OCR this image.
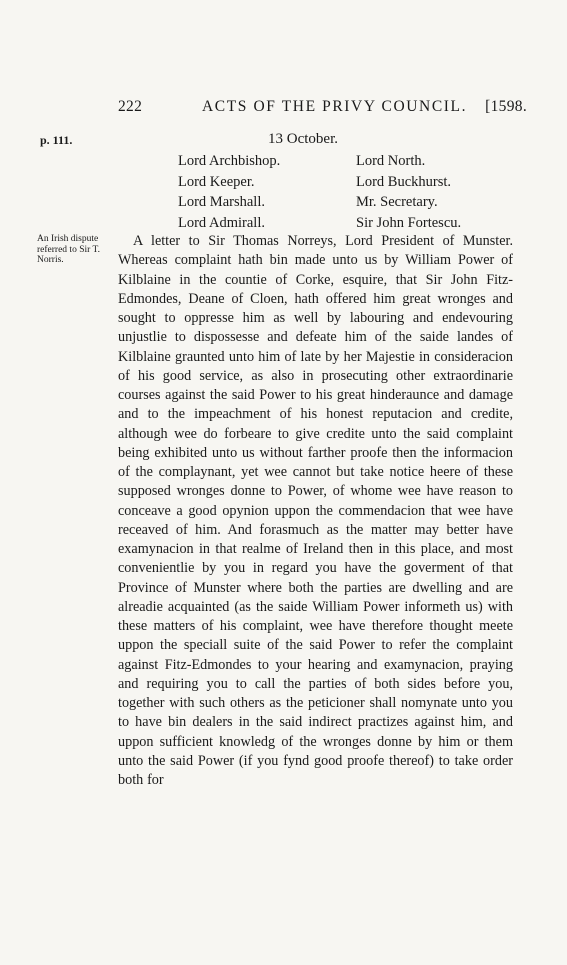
222	ACTS OF THE PRIVY COUNCIL. [1598.
p. 111.	13 October.
Lord Archbishop.	Lord North.
Lord Keeper.	Lord Buckhurst.
Lord Marshall.	Mr. Secretary.
Lord Admirall.	Sir John Fortescu.
An Irish dispute referred to Sir T. Norris.
A letter to Sir Thomas Norreys, Lord President of Munster. Whereas complaint hath bin made unto us by William Power of Kilblaine in the countie of Corke, esquire, that Sir John Fitz-Edmondes, Deane of Cloen, hath offered him great wronges and sought to oppresse him as well by labouring and endevouring unjustlie to dispossesse and defeate him of the saide landes of Kilblaine graunted unto him of late by her Majestie in consideracion of his good service, as also in prosecuting other extraordinarie courses against the said Power to his great hinderaunce and damage and to the impeachment of his honest reputacion and credite, although wee do forbeare to give credite unto the said complaint being exhibited unto us without farther proofe then the informacion of the complaynant, yet wee cannot but take notice heere of these supposed wronges donne to Power, of whome wee have reason to conceave a good opynion uppon the commendacion that wee have receaved of him. And forasmuch as the matter may better have examynacion in that realme of Ireland then in this place, and most convenientlie by you in regard you have the goverment of that Province of Munster where both the parties are dwelling and are alreadie acquainted (as the saide William Power informeth us) with these matters of his complaint, wee have therefore thought meete uppon the speciall suite of the said Power to refer the complaint against Fitz-Edmondes to your hearing and examynacion, praying and requiring you to call the parties of both sides before you, together with such others as the peticioner shall nomynate unto you to have bin dealers in the said indirect practizes against him, and uppon sufficient knowledg of the wronges donne by him or them unto the said Power (if you fynd good proofe thereof) to take order both for
